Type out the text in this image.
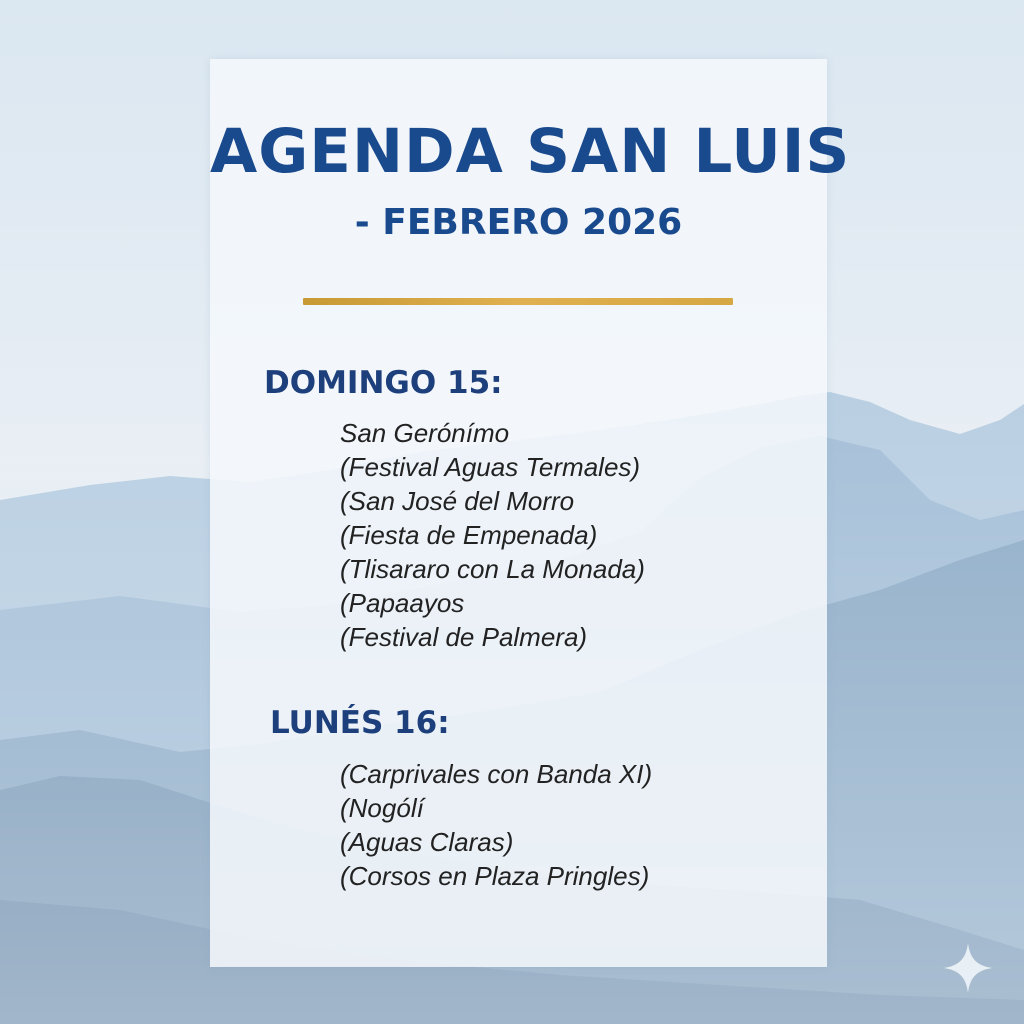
AGENDA SAN LUIS
- FEBRERO 2026
DOMINGO 15:
San Gerónímo
(Festival Aguas Termales)
(San José del Morro
(Fiesta de Empenada)
(Tlisararo con La Monada)
(Papaayos
(Festival de Palmera)
LUNÉS 16:
(Carprivales con Banda XI)
(Nogólí
(Aguas Claras)
(Corsos en Plaza Pringles)
